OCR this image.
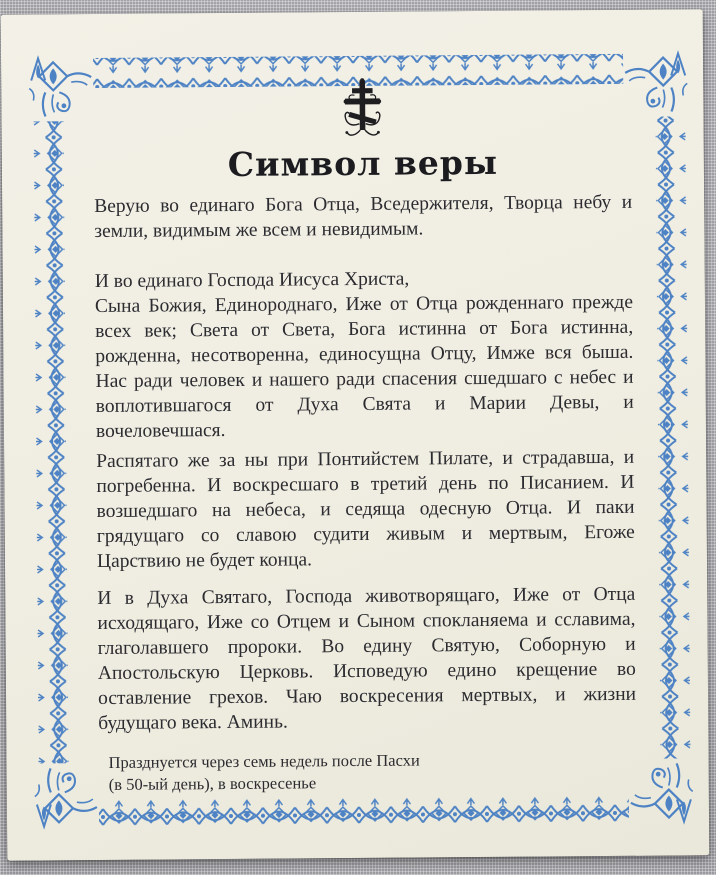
Символ веры

Верую во единаго Бога Отца, Вседержителя, Творца небу и земли, видимым же всем и невидимым.

И во единаго Господа Иисуса Христа,

Сына Божия, Единороднаго, Иже от Отца рожденнаго прежде всех век; Света от Света, Бога истинна от Бога истинна, рожденна, несотворенна, единосущна Отцу, Имже вся быша. Нас ради человек и нашего ради спасения сшедшаго с небес и воплотившагося от Духа Свята и Марии Девы, и вочеловечшася.

Распятаго же за ны при Понтийстем Пилате, и страдавша, и погребенна. И воскресшаго в третий день по Писанием. И возшедшаго на небеса, и седяща одесную Отца. И паки грядущаго со славою судити живым и мертвым, Егоже Царствию не будет конца.

И в Духа Святаго, Господа животворящаго, Иже от Отца исходящаго, Иже со Отцем и Сыном спокланяема и сславима, глаголавшего пророки. Во едину Святую, Соборную и Апостольскую Церковь. Исповедую едино крещение во оставление грехов. Чаю воскресения мертвых, и жизни будущаго века. Аминь.

Празднуется через семь недель после Пасхи
(в 50-ый день), в воскресенье
